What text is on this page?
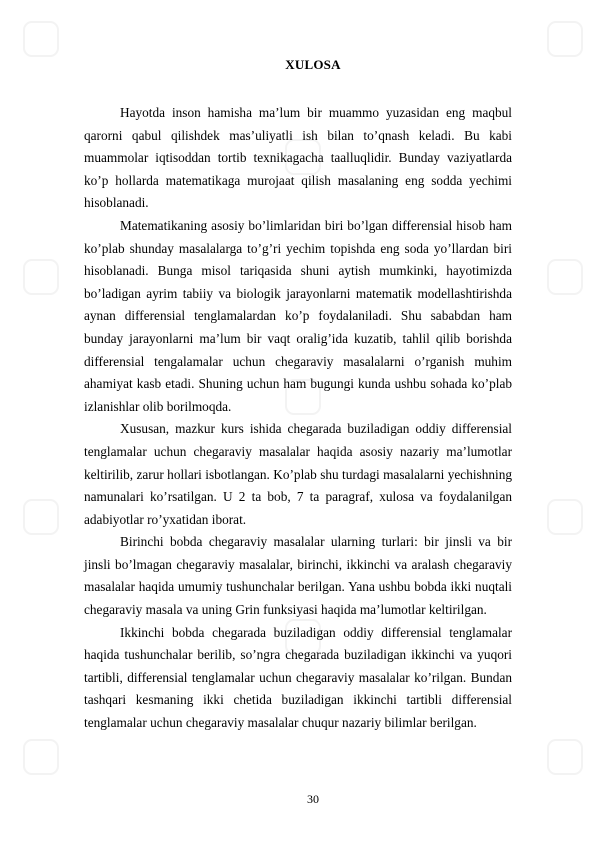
XULOSA

Hayotda inson hamisha ma’lum bir muammo yuzasidan eng maqbul qarorni qabul qilishdek mas’uliyatli ish bilan to’qnash keladi. Bu kabi muammolar iqtisoddan tortib texnikagacha taalluqlidir. Bunday vaziyatlarda ko’p hollarda matematikaga murojaat qilish masalaning eng sodda yechimi hisoblanadi.

Matematikaning asosiy bo’limlaridan biri bo’lgan differensial hisob ham ko’plab shunday masalalarga to’g’ri yechim topishda eng soda yo’llardan biri hisoblanadi. Bunga misol tariqasida shuni aytish mumkinki, hayotimizda bo’ladigan ayrim tabiiy va biologik jarayonlarni matematik modellashtirishda aynan differensial tenglamalardan ko’p foydalaniladi. Shu sababdan ham bunday jarayonlarni ma’lum bir vaqt oralig’ida kuzatib, tahlil qilib borishda differensial tengalamalar uchun chegaraviy masalalarni o’rganish muhim ahamiyat kasb etadi. Shuning uchun ham bugungi kunda ushbu sohada ko’plab izlanishlar olib borilmoqda.

Xususan, mazkur kurs ishida chegarada buziladigan oddiy differensial tenglamalar uchun chegaraviy masalalar haqida asosiy nazariy ma’lumotlar keltirilib, zarur hollari isbotlangan. Ko’plab shu turdagi masalalarni yechishning namunalari ko’rsatilgan. U 2 ta bob, 7 ta paragraf, xulosa va foydalanilgan adabiyotlar ro’yxatidan iborat.

Birinchi bobda chegaraviy masalalar ularning turlari: bir jinsli va bir jinsli bo’lmagan chegaraviy masalalar, birinchi, ikkinchi va aralash chegaraviy masalalar haqida umumiy tushunchalar berilgan. Yana ushbu bobda ikki nuqtali chegaraviy masala va uning Grin funksiyasi haqida ma’lumotlar keltirilgan.

Ikkinchi bobda chegarada buziladigan oddiy differensial tenglamalar haqida tushunchalar berilib, so’ngra chegarada buziladigan ikkinchi va yuqori tartibli, differensial tenglamalar uchun chegaraviy masalalar ko’rilgan. Bundan tashqari kesmaning ikki chetida buziladigan ikkinchi tartibli differensial tenglamalar uchun chegaraviy masalalar chuqur nazariy bilimlar berilgan.

30
